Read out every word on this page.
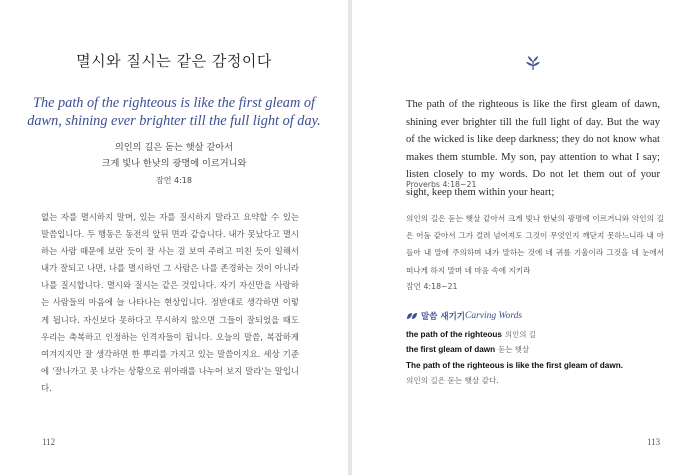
멸시와 질시는 같은 감정이다
The path of the righteous is like the first gleam of dawn, shining ever brighter till the full light of day.
의인의 길은 돋는 햇살 같아서
크게 빛나 한낮의 광명에 이르거니와
잠언 4:18

없는 자를 멸시하지 말며, 있는 자를 질시하지 말라고 요약할 수 있는 말씀입니다. 두 행동은 동전의 앞뒤 면과 같습니다. 내가 못났다고 멸시하는 사람 때문에 보란 듯이 잘 사는 걸 보여 주려고 미친 듯이 일해서 내가 잘되고 나면, 나를 멸시하던 그 사람은 나를 존경하는 것이 아니라 나를 질시합니다. 멸시와 질시는 같은 것입니다. 자기 자신만을 사랑하는 사람들의 마음에 늘 나타나는 현상입니다. 정반대로 생각하면 이렇게 됩니다. 자신보다 못하다고 무시하지 않으면 그들이 잘되었을 때도 우리는 축복하고 인정하는 인격자들이 됩니다. 오늘의 말씀, 복잡하게 여겨지지만 잘 생각하면 한 뿌리를 가지고 있는 말씀이지요. 세상 기준에 '잘나가고 못 나가는 상황으로 위아래를 나누어 보지 말라'는 말입니다.

112

The path of the righteous is like the first gleam of dawn, shining ever brighter till the full light of day. But the way of the wicked is like deep darkness; they do not know what makes them stumble. My son, pay attention to what I say; listen closely to my words. Do not let them out of your sight, keep them within your heart;

Proverbs 4:18~21

의인의 길은 돋는 햇살 같아서 크게 빛나 한낮의 광명에 이르거니와 악인의 길은 어둠 같아서 그가 걸려 넘어져도 그것이 무엇인지 깨닫지 못하느니라 내 아들아 내 말에 주의하며 내가 말하는 것에 네 귀를 기울이라 그것을 네 눈에서 떠나게 하지 말며 네 마음 속에 지키라

잠언 4:18~21
말씀 새기기 Carving Words
the path of the righteous 의인의 길
the first gleam of dawn 돋는 햇살
The path of the righteous is like the first gleam of dawn.
의인의 길은 돋는 햇살 같다.
113
